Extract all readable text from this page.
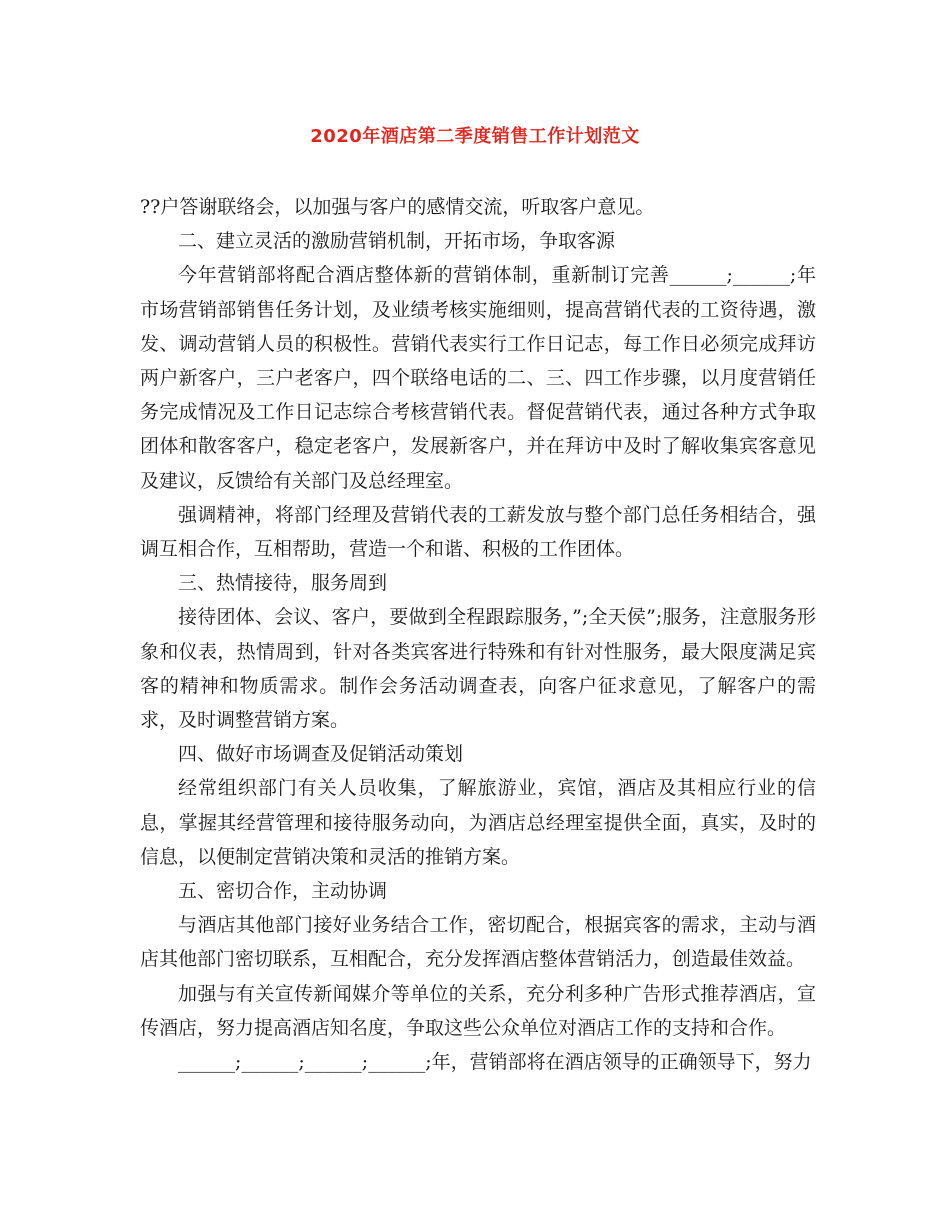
2020年酒店第二季度销售工作计划范文

??户答谢联络会，以加强与客户的感情交流，听取客户意见。

二、建立灵活的激励营销机制，开拓市场，争取客源

今年营销部将配合酒店整体新的营销体制，重新制订完善______;______;年市场营销部销售任务计划，及业绩考核实施细则，提高营销代表的工资待遇，激发、调动营销人员的积极性。营销代表实行工作日记志，每工作日必须完成拜访两户新客户，三户老客户，四个联络电话的二、三、四工作步骤，以月度营销任务完成情况及工作日记志综合考核营销代表。督促营销代表，通过各种方式争取团体和散客客户，稳定老客户，发展新客户，并在拜访中及时了解收集宾客意见及建议，反馈给有关部门及总经理室。

强调精神，将部门经理及营销代表的工薪发放与整个部门总任务相结合，强调互相合作，互相帮助，营造一个和谐、积极的工作团体。

三、热情接待，服务周到

接待团体、会议、客户，要做到全程跟踪服务，”;全天侯”;服务，注意服务形象和仪表，热情周到，针对各类宾客进行特殊和有针对性服务，最大限度满足宾客的精神和物质需求。制作会务活动调查表，向客户征求意见，了解客户的需求，及时调整营销方案。

四、做好市场调查及促销活动策划

经常组织部门有关人员收集，了解旅游业，宾馆，酒店及其相应行业的信息，掌握其经营管理和接待服务动向，为酒店总经理室提供全面，真实，及时的信息，以便制定营销决策和灵活的推销方案。

五、密切合作，主动协调

与酒店其他部门接好业务结合工作，密切配合，根据宾客的需求，主动与酒店其他部门密切联系，互相配合，充分发挥酒店整体营销活力，创造最佳效益。

加强与有关宣传新闻媒介等单位的关系，充分利多种广告形式推荐酒店，宣传酒店，努力提高酒店知名度，争取这些公众单位对酒店工作的支持和合作。

______;______;______;______;年，营销部将在酒店领导的正确领导下，努力
